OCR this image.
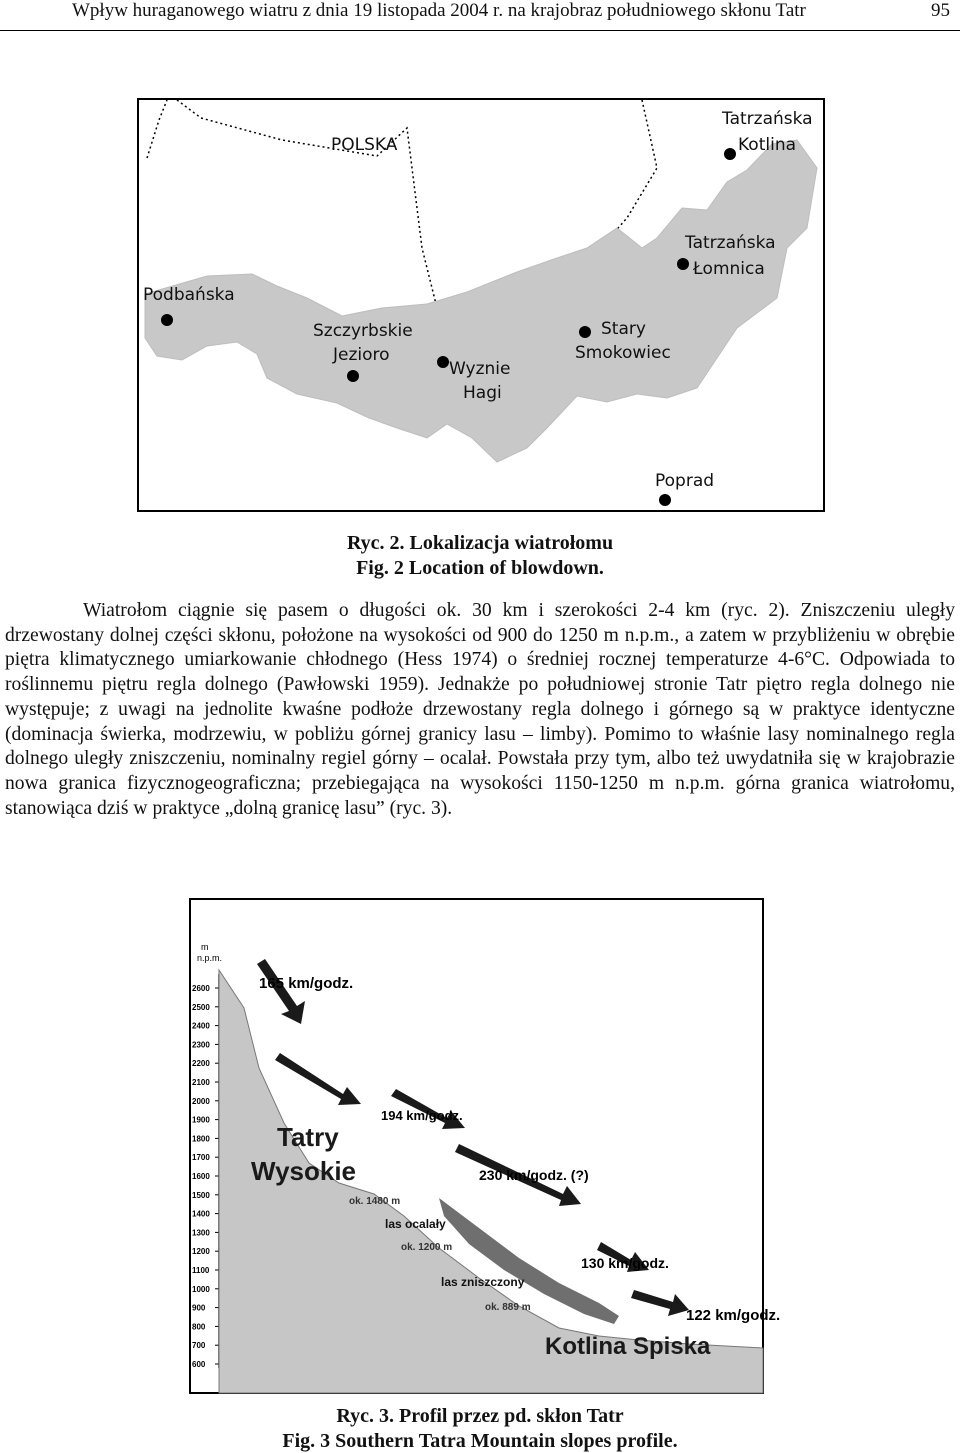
Wpływ huraganowego wiatru z dnia 19 listopada 2004 r. na krajobraz południowego skłonu Tatr	95
POLSKA
Tatrzańska
Kotlina
Tatrzańska
Łomnica
Podbańska
Szczyrbskie
Jezioro
Wyznie
Hagi
Stary
Smokowiec
Poprad
Ryc. 2. Lokalizacja wiatrołomu
Fig. 2 Location of blowdown.

Wiatrołom ciągnie się pasem o długości ok. 30 km i szerokości 2-4 km (ryc. 2). Zniszczeniu uległy drzewostany dolnej części skłonu, położone na wysokości od 900 do 1250 m n.p.m., a zatem w przybliżeniu w obrębie piętra klimatycznego umiarkowanie chłodnego (Hess 1974) o średniej rocznej temperaturze 4-6°C. Odpowiada to roślinnemu piętru regla dolnego (Pawłowski 1959). Jednakże po południowej stronie Tatr piętro regla dolnego nie występuje; z uwagi na jednolite kwaśne podłoże drzewostany regla dolnego i górnego są w praktyce identyczne (dominacja świerka, modrzewiu, w pobliżu górnej granicy lasu – limby). Pomimo to właśnie lasy nominalnego regla dolnego uległy zniszczeniu, nominalny regiel górny – ocalał. Powstała przy tym, albo też uwydatniła się w krajobrazie nowa granica fizycznogeograficzna; przebiegająca na wysokości 1150-1250 m n.p.m. górna granica wiatrołomu, stanowiąca dziś w praktyce „dolną granicę lasu” (ryc. 3).

m
n.p.m.
2600
2500
2400
2300
2200
2100
2000
1900
1800
1700
1600
1500
1400
1300
1200
1100
1000
900
800
700
600
165 km/godz.
194 km/godz.
230 km/godz. (?)
130 km/godz.
122 km/godz.
Tatry
Wysokie
Kotlina Spiska
ok. 1480 m
las ocalały
ok. 1200 m
las zniszczony
ok. 889 m
Ryc. 3. Profil przez pd. skłon Tatr
Fig. 3 Southern Tatra Mountain slopes profile.
